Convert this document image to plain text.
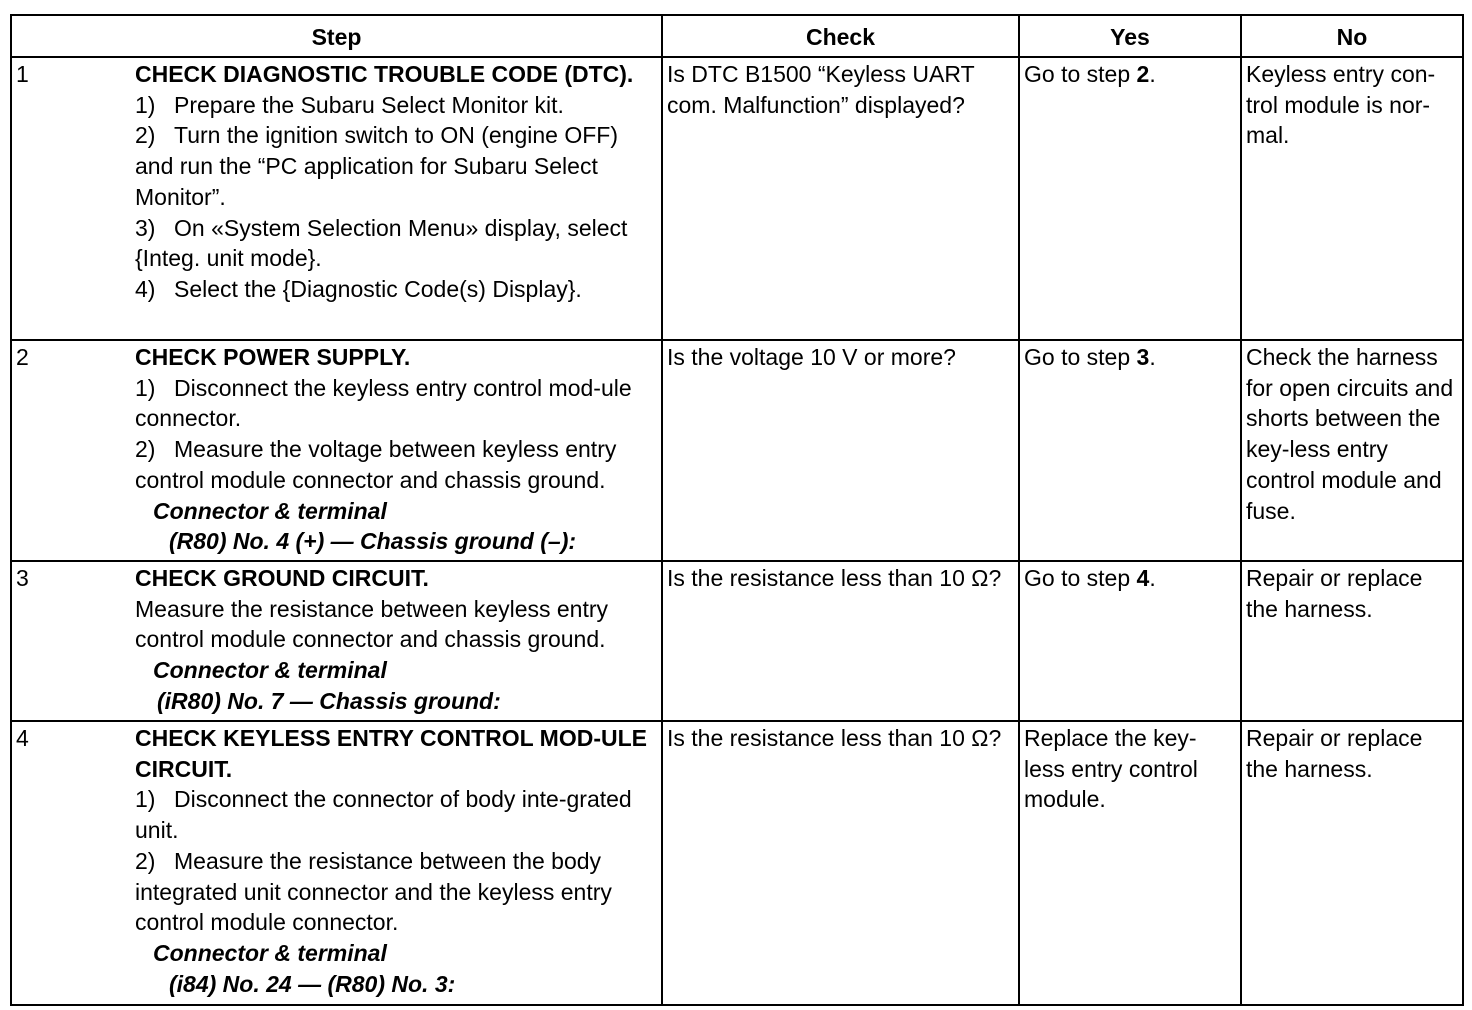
Step		Check	Yes	No
1	CHECK DIAGNOSTIC TROUBLE CODE (DTC).
1) Prepare the Subaru Select Monitor kit.
2) Turn the ignition switch to ON (engine OFF) and run the “PC application for Subaru Select Monitor”.
3) On «System Selection Menu» display, select {Integ. unit mode}.
4) Select the {Diagnostic Code(s) Display}.	Is DTC B1500 “Keyless UART com. Malfunction” displayed?	Go to step 2.	Keyless entry con-trol module is nor-mal.
2	CHECK POWER SUPPLY.
1) Disconnect the keyless entry control mod-ule connector.
2) Measure the voltage between keyless entry control module connector and chassis ground.
Connector & terminal
(R80) No. 4 (+) — Chassis ground (–):	Is the voltage 10 V or more?	Go to step 3.	Check the harness for open circuits and shorts between the key-less entry control module and fuse.
3	CHECK GROUND CIRCUIT.
Measure the resistance between keyless entry control module connector and chassis ground.
Connector & terminal
(iR80) No. 7 — Chassis ground:	Is the resistance less than 10 Ω?	Go to step 4.	Repair or replace the harness.
4	CHECK KEYLESS ENTRY CONTROL MOD-ULE CIRCUIT.
1) Disconnect the connector of body inte-grated unit.
2) Measure the resistance between the body integrated unit connector and the keyless entry control module connector.
Connector & terminal
(i84) No. 24 — (R80) No. 3:	Is the resistance less than 10 Ω?	Replace the key-less entry control module.	Repair or replace the harness.
